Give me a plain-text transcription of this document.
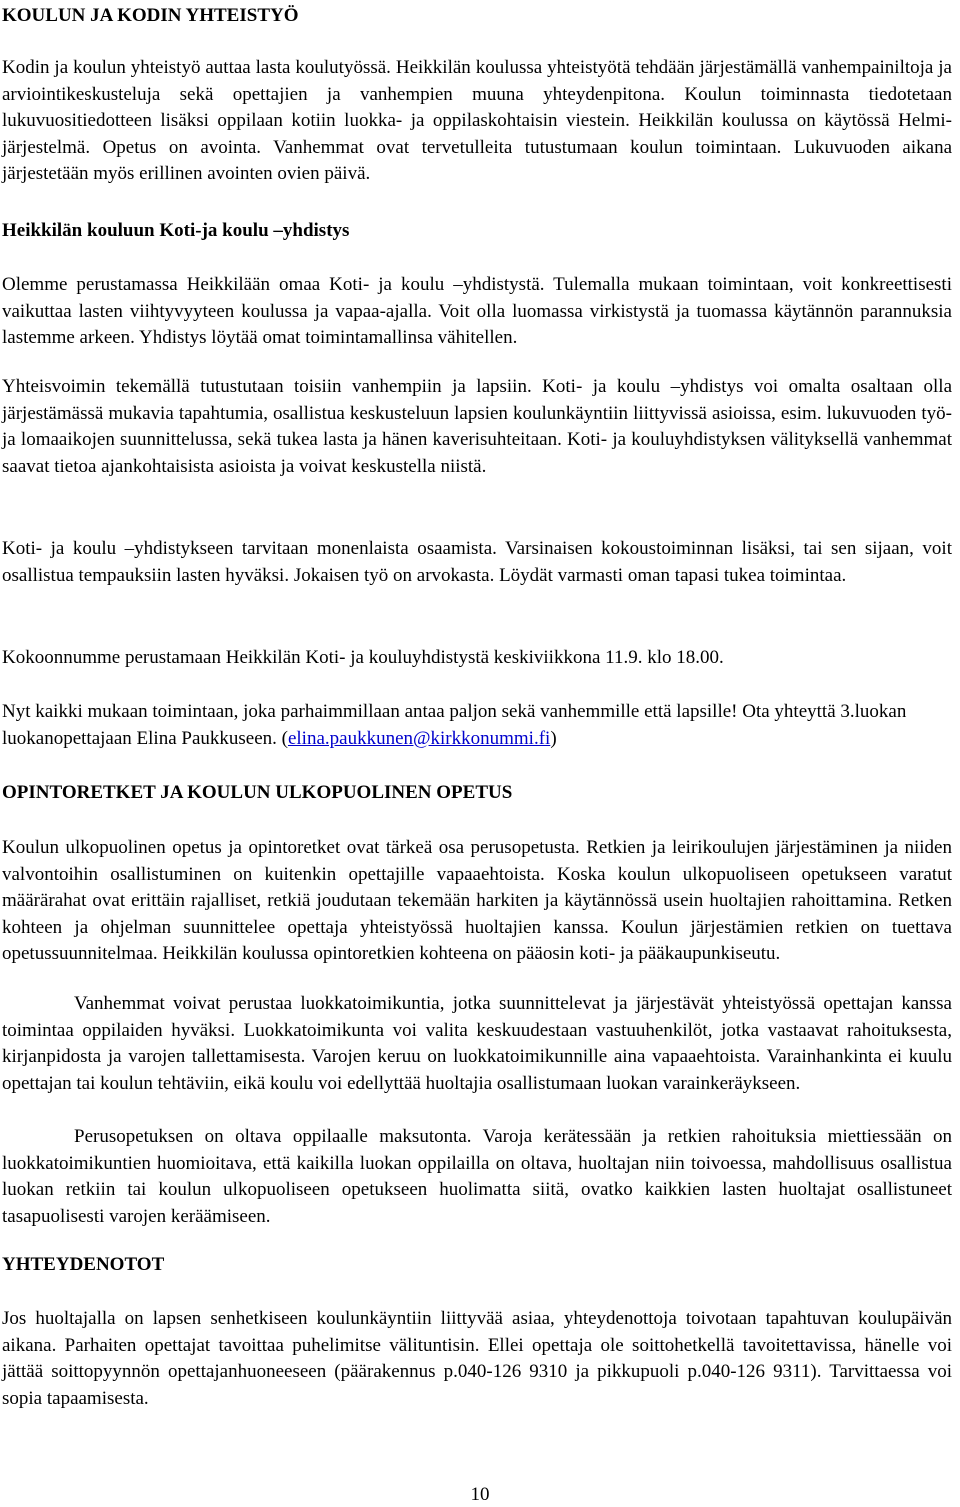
KOULUN JA KODIN YHTEISTYÖ

Kodin ja koulun yhteistyö auttaa lasta koulutyössä. Heikkilän koulussa yhteistyötä tehdään järjestämällä vanhempainiltoja ja arviointikeskusteluja sekä opettajien ja vanhempien muuna yhteydenpitona. Koulun toiminnasta tiedotetaan lukuvuositiedotteen lisäksi oppilaan kotiin luokka- ja oppilaskohtaisin viestein. Heikkilän koulussa on käytössä Helmi-järjestelmä. Opetus on avointa. Vanhemmat ovat tervetulleita tutustumaan koulun toimintaan. Lukuvuoden aikana järjestetään myös erillinen avointen ovien päivä.

Heikkilän kouluun Koti-ja koulu –yhdistys

Olemme perustamassa Heikkilään omaa Koti- ja koulu –yhdistystä. Tulemalla mukaan toimintaan, voit konkreettisesti vaikuttaa lasten viihtyvyyteen koulussa ja vapaa-ajalla. Voit olla luomassa virkistystä ja tuomassa käytännön parannuksia lastemme arkeen. Yhdistys löytää omat toimintamallinsa vähitellen.

Yhteisvoimin tekemällä tutustutaan toisiin vanhempiin ja lapsiin. Koti- ja koulu –yhdistys voi omalta osaltaan olla järjestämässä mukavia tapahtumia, osallistua keskusteluun lapsien koulunkäyntiin liittyvissä asioissa, esim. lukuvuoden työ- ja lomaaikojen suunnittelussa, sekä tukea lasta ja hänen kaverisuhteitaan. Koti- ja kouluyhdistyksen välityksellä vanhemmat saavat tietoa ajankohtaisista asioista ja voivat keskustella niistä.

Koti- ja koulu –yhdistykseen tarvitaan monenlaista osaamista. Varsinaisen kokoustoiminnan lisäksi, tai sen sijaan, voit osallistua tempauksiin lasten hyväksi. Jokaisen työ on arvokasta. Löydät varmasti oman tapasi tukea toimintaa.

Kokoonnumme perustamaan Heikkilän Koti- ja kouluyhdistystä keskiviikkona 11.9. klo 18.00.

Nyt kaikki mukaan toimintaan, joka parhaimmillaan antaa paljon sekä vanhemmille että lapsille! Ota yhteyttä 3.luokan luokanopettajaan Elina Paukkuseen. (elina.paukkunen@kirkkonummi.fi)

OPINTORETKET JA KOULUN ULKOPUOLINEN OPETUS

Koulun ulkopuolinen opetus ja opintoretket ovat tärkeä osa perusopetusta. Retkien ja leirikoulujen järjestäminen ja niiden valvontoihin osallistuminen on kuitenkin opettajille vapaaehtoista. Koska koulun ulkopuoliseen opetukseen varatut määrärahat ovat erittäin rajalliset, retkiä joudutaan tekemään harkiten ja käytännössä usein huoltajien rahoittamina. Retken kohteen ja ohjelman suunnittelee opettaja yhteistyössä huoltajien kanssa. Koulun järjestämien retkien on tuettava opetussuunnitelmaa. Heikkilän koulussa opintoretkien kohteena on pääosin koti- ja pääkaupunkiseutu.

Vanhemmat voivat perustaa luokkatoimikuntia, jotka suunnittelevat ja järjestävät yhteistyössä opettajan kanssa toimintaa oppilaiden hyväksi. Luokkatoimikunta voi valita keskuudestaan vastuuhenkilöt, jotka vastaavat rahoituksesta, kirjanpidosta ja varojen tallettamisesta. Varojen keruu on luokkatoimikunnille aina vapaaehtoista. Varainhankinta ei kuulu opettajan tai koulun tehtäviin, eikä koulu voi edellyttää huoltajia osallistumaan luokan varainkeräykseen.

Perusopetuksen on oltava oppilaalle maksutonta. Varoja kerätessään ja retkien rahoituksia miettiessään on luokkatoimikuntien huomioitava, että kaikilla luokan oppilailla on oltava, huoltajan niin toivoessa, mahdollisuus osallistua luokan retkiin tai koulun ulkopuoliseen opetukseen huolimatta siitä, ovatko kaikkien lasten huoltajat osallistuneet tasapuolisesti varojen keräämiseen.

YHTEYDENOTOT

Jos huoltajalla on lapsen senhetkiseen koulunkäyntiin liittyvää asiaa, yhteydenottoja toivotaan tapahtuvan koulupäivän aikana. Parhaiten opettajat tavoittaa puhelimitse välituntisin. Ellei opettaja ole soittohetkellä tavoitettavissa, hänelle voi jättää soittopyynnön opettajanhuoneeseen (päärakennus p.040-126 9310 ja pikkupuoli p.040-126 9311). Tarvittaessa voi sopia tapaamisesta.

10
